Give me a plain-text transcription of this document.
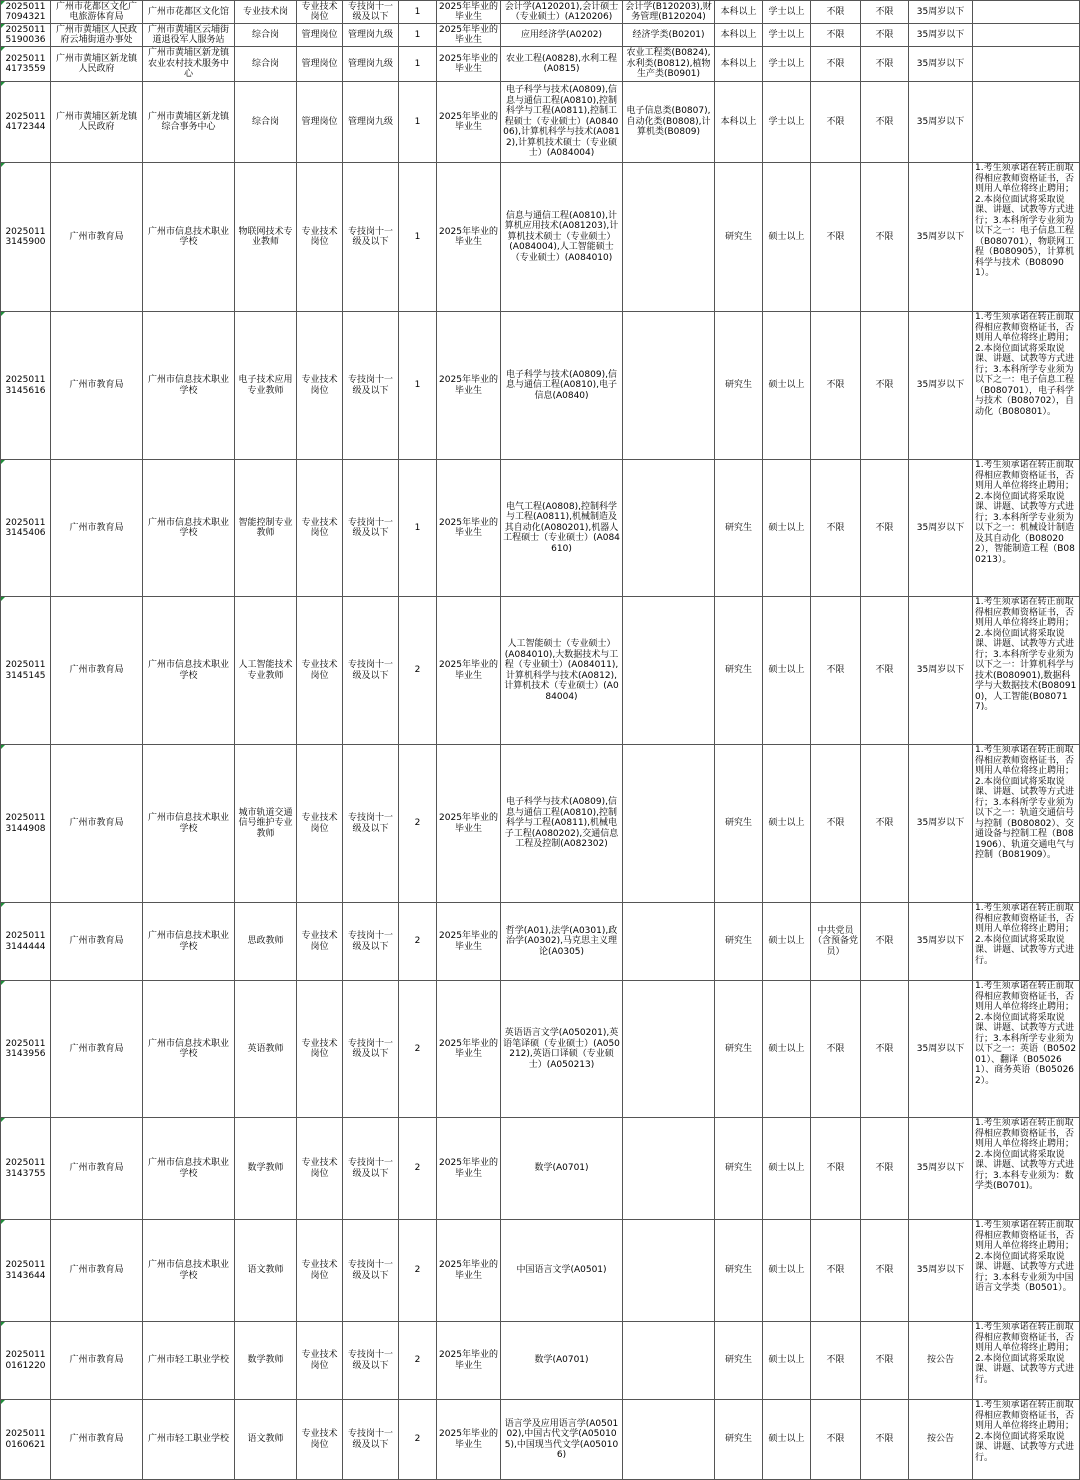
20250117094321	广州市花都区文化广电旅游体育局	广州市花都区文化馆	专业技术岗	专业技术岗位	专技岗十一级及以下	1	2025年毕业的毕业生	会计学(A120201),会计硕士（专业硕士）(A120206)	会计学(B120203),财务管理(B120204)	本科以上	学士以上	不限	不限	35周岁以下	
20250115190036	广州市黄埔区人民政府云埔街道办事处	广州市黄埔区云埔街道退役军人服务站	综合岗	管理岗位	管理岗九级	1	2025年毕业的毕业生	应用经济学(A0202)	经济学类(B0201)	本科以上	学士以上	不限	不限	35周岁以下	
20250114173559	广州市黄埔区新龙镇人民政府	广州市黄埔区新龙镇农业农村技术服务中心	综合岗	管理岗位	管理岗九级	1	2025年毕业的毕业生	农业工程(A0828),水利工程(A0815)	农业工程类(B0824),水利类(B0812),植物生产类(B0901)	本科以上	学士以上	不限	不限	35周岁以下	
20250114172344	广州市黄埔区新龙镇人民政府	广州市黄埔区新龙镇综合事务中心	综合岗	管理岗位	管理岗九级	1	2025年毕业的毕业生	电子科学与技术(A0809),信息与通信工程(A0810),控制科学与工程(A0811),控制工程硕士（专业硕士）(A084006),计算机科学与技术(A0812),计算机技术硕士（专业硕士）(A084004)	电子信息类(B0807),自动化类(B0808),计算机类(B0809)	本科以上	学士以上	不限	不限	35周岁以下	
20250113145900	广州市教育局	广州市信息技术职业学校	物联网技术专业教师	专业技术岗位	专技岗十一级及以下	1	2025年毕业的毕业生	信息与通信工程(A0810),计算机应用技术(A081203),计算机技术硕士（专业硕士）(A084004),人工智能硕士（专业硕士）(A084010)		研究生	硕士以上	不限	不限	35周岁以下	1.考生须承诺在转正前取得相应教师资格证书，否则用人单位将终止聘用；2.本岗位面试将采取说课、讲题、试教等方式进行；3.本科所学专业须为以下之一：电子信息工程（B080701），物联网工程（B080905），计算机科学与技术（B080901）。
20250113145616	广州市教育局	广州市信息技术职业学校	电子技术应用专业教师	专业技术岗位	专技岗十一级及以下	1	2025年毕业的毕业生	电子科学与技术(A0809),信息与通信工程(A0810),电子信息(A0840)		研究生	硕士以上	不限	不限	35周岁以下	1.考生须承诺在转正前取得相应教师资格证书，否则用人单位将终止聘用；2.本岗位面试将采取说课、讲题、试教等方式进行；3.本科所学专业须为以下之一：电子信息工程（B080701），电子科学与技术（B080702），自动化（B080801）。
20250113145406	广州市教育局	广州市信息技术职业学校	智能控制专业教师	专业技术岗位	专技岗十一级及以下	1	2025年毕业的毕业生	电气工程(A0808),控制科学与工程(A0811),机械制造及其自动化(A080201),机器人工程硕士（专业硕士）(A084610)		研究生	硕士以上	不限	不限	35周岁以下	1.考生须承诺在转正前取得相应教师资格证书，否则用人单位将终止聘用；2.本岗位面试将采取说课、讲题、试教等方式进行；3.本科所学专业须为以下之一：机械设计制造及其自动化（B080202），智能制造工程（B080213）。
20250113145145	广州市教育局	广州市信息技术职业学校	人工智能技术专业教师	专业技术岗位	专技岗十一级及以下	2	2025年毕业的毕业生	人工智能硕士（专业硕士）(A084010),大数据技术与工程（专业硕士）(A084011),计算机科学与技术(A0812),计算机技术（专业硕士）(A084004)		研究生	硕士以上	不限	不限	35周岁以下	1.考生须承诺在转正前取得相应教师资格证书，否则用人单位将终止聘用；2.本岗位面试将采取说课、讲题、试教等方式进行；3.本科所学专业须为以下之一：计算机科学与技术(B080901),数据科学与大数据技术(B080910)，人工智能(B080717)。
20250113144908	广州市教育局	广州市信息技术职业学校	城市轨道交通信号维护专业教师	专业技术岗位	专技岗十一级及以下	2	2025年毕业的毕业生	电子科学与技术(A0809),信息与通信工程(A0810),控制科学与工程(A0811),机械电子工程(A080202),交通信息工程及控制(A082302)		研究生	硕士以上	不限	不限	35周岁以下	1.考生须承诺在转正前取得相应教师资格证书，否则用人单位将终止聘用；2.本岗位面试将采取说课、讲题、试教等方式进行；3.本科所学专业须为以下之一：轨道交通信号与控制（B080802）、交通设备与控制工程（B081906）、轨道交通电气与控制（B081909）。
20250113144444	广州市教育局	广州市信息技术职业学校	思政教师	专业技术岗位	专技岗十一级及以下	2	2025年毕业的毕业生	哲学(A01),法学(A0301),政治学(A0302),马克思主义理论(A0305)		研究生	硕士以上	中共党员（含预备党员）	不限	35周岁以下	1.考生须承诺在转正前取得相应教师资格证书，否则用人单位将终止聘用；2.本岗位面试将采取说课、讲题、试教等方式进行。
20250113143956	广州市教育局	广州市信息技术职业学校	英语教师	专业技术岗位	专技岗十一级及以下	2	2025年毕业的毕业生	英语语言文学(A050201),英语笔译硕（专业硕士）(A050212),英语口译硕（专业硕士）(A050213)		研究生	硕士以上	不限	不限	35周岁以下	1.考生须承诺在转正前取得相应教师资格证书，否则用人单位将终止聘用；2.本岗位面试将采取说课、讲题、试教等方式进行；3.本科所学专业须为以下之一：英语（B050201）、翻译（B050261）、商务英语（B050262）。
20250113143755	广州市教育局	广州市信息技术职业学校	数学教师	专业技术岗位	专技岗十一级及以下	2	2025年毕业的毕业生	数学(A0701)		研究生	硕士以上	不限	不限	35周岁以下	1.考生须承诺在转正前取得相应教师资格证书，否则用人单位将终止聘用；2.本岗位面试将采取说课、讲题、试教等方式进行；3.本科专业须为：数学类(B0701)。
20250113143644	广州市教育局	广州市信息技术职业学校	语文教师	专业技术岗位	专技岗十一级及以下	2	2025年毕业的毕业生	中国语言文学(A0501)		研究生	硕士以上	不限	不限	35周岁以下	1.考生须承诺在转正前取得相应教师资格证书，否则用人单位将终止聘用；2.本岗位面试将采取说课、讲题、试教等方式进行；3.本科专业须为中国语言文学类（B0501）。
20250110161220	广州市教育局	广州市轻工职业学校	数学教师	专业技术岗位	专技岗十一级及以下	2	2025年毕业的毕业生	数学(A0701)		研究生	硕士以上	不限	不限	按公告	1.考生须承诺在转正前取得相应教师资格证书，否则用人单位将终止聘用；2.本岗位面试将采取说课、讲题、试教等方式进行。
20250110160621	广州市教育局	广州市轻工职业学校	语文教师	专业技术岗位	专技岗十一级及以下	2	2025年毕业的毕业生	语言学及应用语言学(A050102),中国古代文学(A050105),中国现当代文学(A050106)		研究生	硕士以上	不限	不限	按公告	1.考生须承诺在转正前取得相应教师资格证书，否则用人单位将终止聘用；2.本岗位面试将采取说课、讲题、试教等方式进行。
